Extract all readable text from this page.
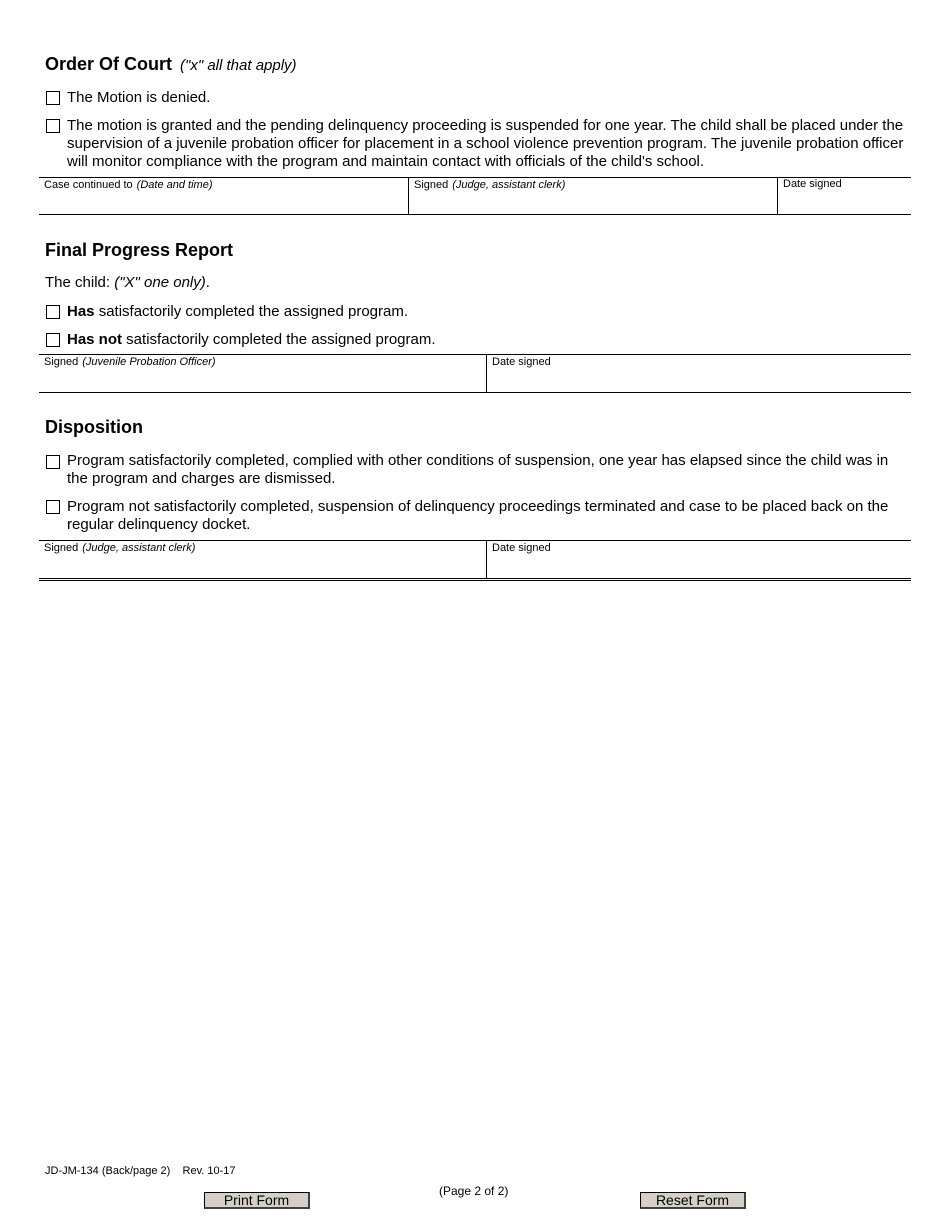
Order Of Court ("x" all that apply)
The Motion is denied.
The motion is granted and the pending delinquency proceeding is suspended for one year. The child shall be placed under the supervision of a juvenile probation officer for placement in a school violence prevention program. The juvenile probation officer will monitor compliance with the program and maintain contact with officials of the child's school.
Case continued to (Date and time)	Signed (Judge, assistant clerk)	Date signed
Final Progress Report
The child: ("X" one only).
Has satisfactorily completed the assigned program.
Has not satisfactorily completed the assigned program.
Signed (Juvenile Probation Officer)	Date signed
Disposition
Program satisfactorily completed, complied with other conditions of suspension, one year has elapsed since the child was in the program and charges are dismissed.
Program not satisfactorily completed, suspension of delinquency proceedings terminated and case to be placed back on the regular delinquency docket.
Signed (Judge, assistant clerk)	Date signed
JD-JM-134 (Back/page 2)    Rev. 10-17
(Page 2 of 2)
Print Form	Reset Form
